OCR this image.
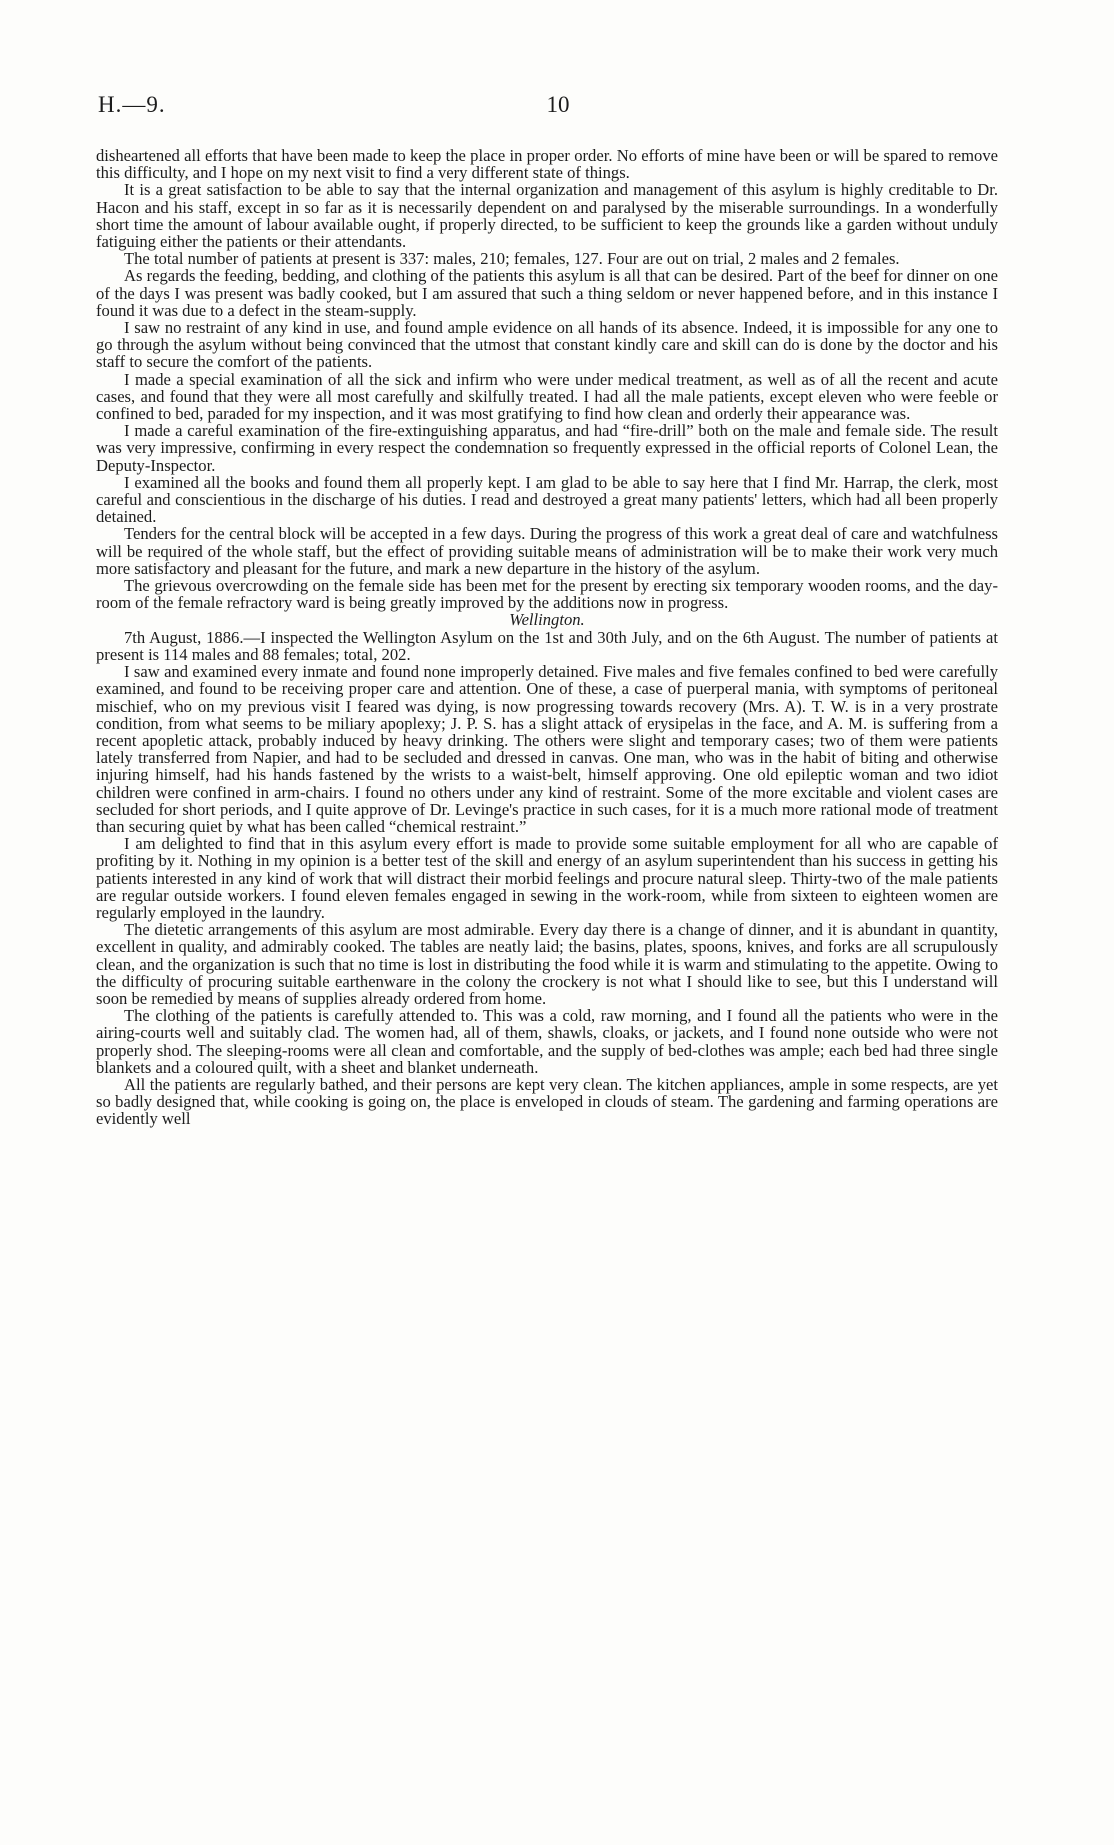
H.—9.	10

disheartened all efforts that have been made to keep the place in proper order. No efforts of mine have been or will be spared to remove this difficulty, and I hope on my next visit to find a very different state of things.

It is a great satisfaction to be able to say that the internal organization and management of this asylum is highly creditable to Dr. Hacon and his staff, except in so far as it is necessarily dependent on and paralysed by the miserable surroundings. In a wonderfully short time the amount of labour available ought, if properly directed, to be sufficient to keep the grounds like a garden without unduly fatiguing either the patients or their attendants.

The total number of patients at present is 337: males, 210; females, 127. Four are out on trial, 2 males and 2 females.

As regards the feeding, bedding, and clothing of the patients this asylum is all that can be desired. Part of the beef for dinner on one of the days I was present was badly cooked, but I am assured that such a thing seldom or never happened before, and in this instance I found it was due to a defect in the steam-supply.

I saw no restraint of any kind in use, and found ample evidence on all hands of its absence. Indeed, it is impossible for any one to go through the asylum without being convinced that the utmost that constant kindly care and skill can do is done by the doctor and his staff to secure the comfort of the patients.

I made a special examination of all the sick and infirm who were under medical treatment, as well as of all the recent and acute cases, and found that they were all most carefully and skilfully treated. I had all the male patients, except eleven who were feeble or confined to bed, paraded for my inspection, and it was most gratifying to find how clean and orderly their appearance was.

I made a careful examination of the fire-extinguishing apparatus, and had “fire-drill” both on the male and female side. The result was very impressive, confirming in every respect the condemnation so frequently expressed in the official reports of Colonel Lean, the Deputy-Inspector.

I examined all the books and found them all properly kept. I am glad to be able to say here that I find Mr. Harrap, the clerk, most careful and conscientious in the discharge of his duties. I read and destroyed a great many patients' letters, which had all been properly detained.

Tenders for the central block will be accepted in a few days. During the progress of this work a great deal of care and watchfulness will be required of the whole staff, but the effect of providing suitable means of administration will be to make their work very much more satisfactory and pleasant for the future, and mark a new departure in the history of the asylum.

The grievous overcrowding on the female side has been met for the present by erecting six temporary wooden rooms, and the day-room of the female refractory ward is being greatly improved by the additions now in progress.

Wellington.

7th August, 1886.—I inspected the Wellington Asylum on the 1st and 30th July, and on the 6th August. The number of patients at present is 114 males and 88 females; total, 202.

I saw and examined every inmate and found none improperly detained. Five males and five females confined to bed were carefully examined, and found to be receiving proper care and attention. One of these, a case of puerperal mania, with symptoms of peritoneal mischief, who on my previous visit I feared was dying, is now progressing towards recovery (Mrs. A). T. W. is in a very prostrate condition, from what seems to be miliary apoplexy; J. P. S. has a slight attack of erysipelas in the face, and A. M. is suffering from a recent apopletic attack, probably induced by heavy drinking. The others were slight and temporary cases; two of them were patients lately transferred from Napier, and had to be secluded and dressed in canvas. One man, who was in the habit of biting and otherwise injuring himself, had his hands fastened by the wrists to a waist-belt, himself approving. One old epileptic woman and two idiot children were confined in arm-chairs. I found no others under any kind of restraint. Some of the more excitable and violent cases are secluded for short periods, and I quite approve of Dr. Levinge's practice in such cases, for it is a much more rational mode of treatment than securing quiet by what has been called “chemical restraint.”

I am delighted to find that in this asylum every effort is made to provide some suitable employment for all who are capable of profiting by it. Nothing in my opinion is a better test of the skill and energy of an asylum superintendent than his success in getting his patients interested in any kind of work that will distract their morbid feelings and procure natural sleep. Thirty-two of the male patients are regular outside workers. I found eleven females engaged in sewing in the work-room, while from sixteen to eighteen women are regularly employed in the laundry.

The dietetic arrangements of this asylum are most admirable. Every day there is a change of dinner, and it is abundant in quantity, excellent in quality, and admirably cooked. The tables are neatly laid; the basins, plates, spoons, knives, and forks are all scrupulously clean, and the organization is such that no time is lost in distributing the food while it is warm and stimulating to the appetite. Owing to the difficulty of procuring suitable earthenware in the colony the crockery is not what I should like to see, but this I understand will soon be remedied by means of supplies already ordered from home.

The clothing of the patients is carefully attended to. This was a cold, raw morning, and I found all the patients who were in the airing-courts well and suitably clad. The women had, all of them, shawls, cloaks, or jackets, and I found none outside who were not properly shod. The sleeping-rooms were all clean and comfortable, and the supply of bed-clothes was ample; each bed had three single blankets and a coloured quilt, with a sheet and blanket underneath.

All the patients are regularly bathed, and their persons are kept very clean. The kitchen appliances, ample in some respects, are yet so badly designed that, while cooking is going on, the place is enveloped in clouds of steam. The gardening and farming operations are evidently well
